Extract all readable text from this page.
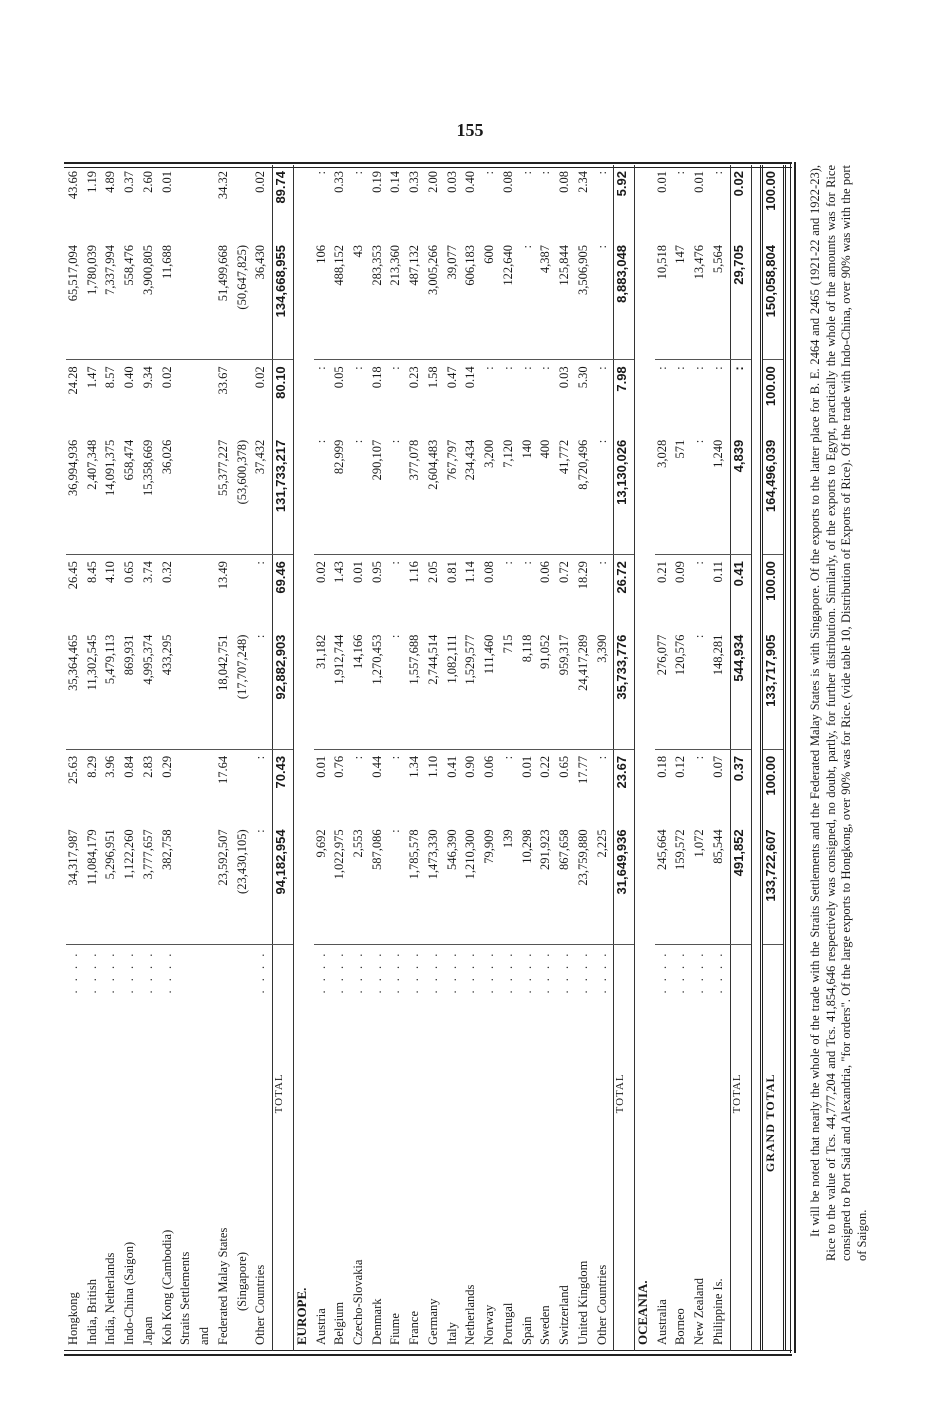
155
Hongkong	. . . .	34,317,987	25.63	35,364,465	26.45	36,994,936	24.28	65,517,094	43.66
India, British	. . . .	11,084,179	8.29	11,302,545	8.45	2,407,348	1.47	1,780,039	1.19
India, Netherlands	. . . .	5,296,951	3.96	5,479,113	4.10	14,091,375	8.57	7,337,994	4.89
Indo-China (Saigon)	. . . .	1,122,260	0.84	869,931	0.65	658,474	0.40	558,476	0.37
Japan	. . . .	3,777,657	2.83	4,995,374	3.74	15,358,669	9.34	3,900,805	2.60
Koh Kong (Cambodia)	. . . .	382,758	0.29	433,295	0.32	36,026	0.02	11,688	0.01
Straits Settlements									
and									
Federated Malay States		23,592,507	17.64	18,042,751	13.49	55,377,227	33.67	51,499,668	34.32
(Singapore)		(23,430,105)		(17,707,248)		(53,600,378)		(50,647,825)	
Other Countries	. . . .	:	:	:	:	37,432	0.02	36,430	0.02
TOTAL		94,182,954	70.43	92,882,903	69.46	131,733,217	80.10	134,668,955	89.74
EUROPE.									
Austria	. . . .	9,692	0.01	31,182	0.02	:	:	106	:
Belgium	. . . .	1,022,975	0.76	1,912,744	1.43	82,999	0.05	488,152	0.33
Czecho-Slovakia	. . . .	2,553	:	14,166	0.01	:	:	43	:
Denmark	. . . .	587,086	0.44	1,270,453	0.95	290,107	0.18	283,353	0.19
Fiume	. . . .	:	:	:	:	:	:	213,360	0.14
France	. . . .	1,785,578	1.34	1,557,688	1.16	377,078	0.23	487,132	0.33
Germany	. . . .	1,473,330	1.10	2,744,514	2.05	2,604,483	1.58	3,005,266	2.00
Italy	. . . .	546,390	0.41	1,082,111	0.81	767,797	0.47	39,077	0.03
Netherlands	. . . .	1,210,300	0.90	1,529,577	1.14	234,434	0.14	606,183	0.40
Norway	. . . .	79,909	0.06	111,460	0.08	3,200	:	600	:
Portugal	. . . .	139	:	715	:	7,120	:	122,640	0.08
Spain	. . . .	10,298	0.01	8,118	:	140	:	:	:
Sweden	. . . .	291,923	0.22	91,052	0.06	400	:	4,387	:
Switzerland	. . . .	867,658	0.65	959,317	0.72	41,772	0.03	125,844	0.08
United Kingdom	. . . .	23,759,880	17.77	24,417,289	18.29	8,720,496	5.30	3,506,905	2.34
Other Countries	. . . .	2,225	:	3,390	:	:	:	:	:
TOTAL		31,649,936	23.67	35,733,776	26.72	13,130,026	7.98	8,883,048	5.92
OCEANIA.									
Australia	. . . .	245,664	0.18	276,077	0.21	3,028	:	10,518	0.01
Borneo	. . . .	159,572	0.12	120,576	0.09	571	:	147	:
New Zealand	. . . .	1,072	:	:	:	:	:	13,476	0.01
Philippine Is.	. . . .	85,544	0.07	148,281	0.11	1,240	:	5,564	:
TOTAL		491,852	0.37	544,934	0.41	4,839	:	29,705	0.02

GRAND TOTAL		133,722,607	100.00	133,717,905	100.00	164,496,039	100.00	150,058,804	100.00 It will be noted that nearly the whole of the trade with the Straits Settlements and the Federated Malay States is with Singapore. Of the exports to the latter place for B. E. 2464 and 2465 (1921-22 and 1922-23), Rice to the value of Tcs. 44,777,204 and Tcs. 41,854,646 respectively was consigned, no doubt, partly, for further distribution. Similarly, of the exports to Egypt, practically the whole of the amounts was for Rice consigned to Port Said and Alexandria, "for orders". Of the large exports to Hongkong, over 90% was for Rice. (vide table 10, Distribution of Exports of Rice). Of the trade with Indo-China, over 90% was with the port of Saigon.
